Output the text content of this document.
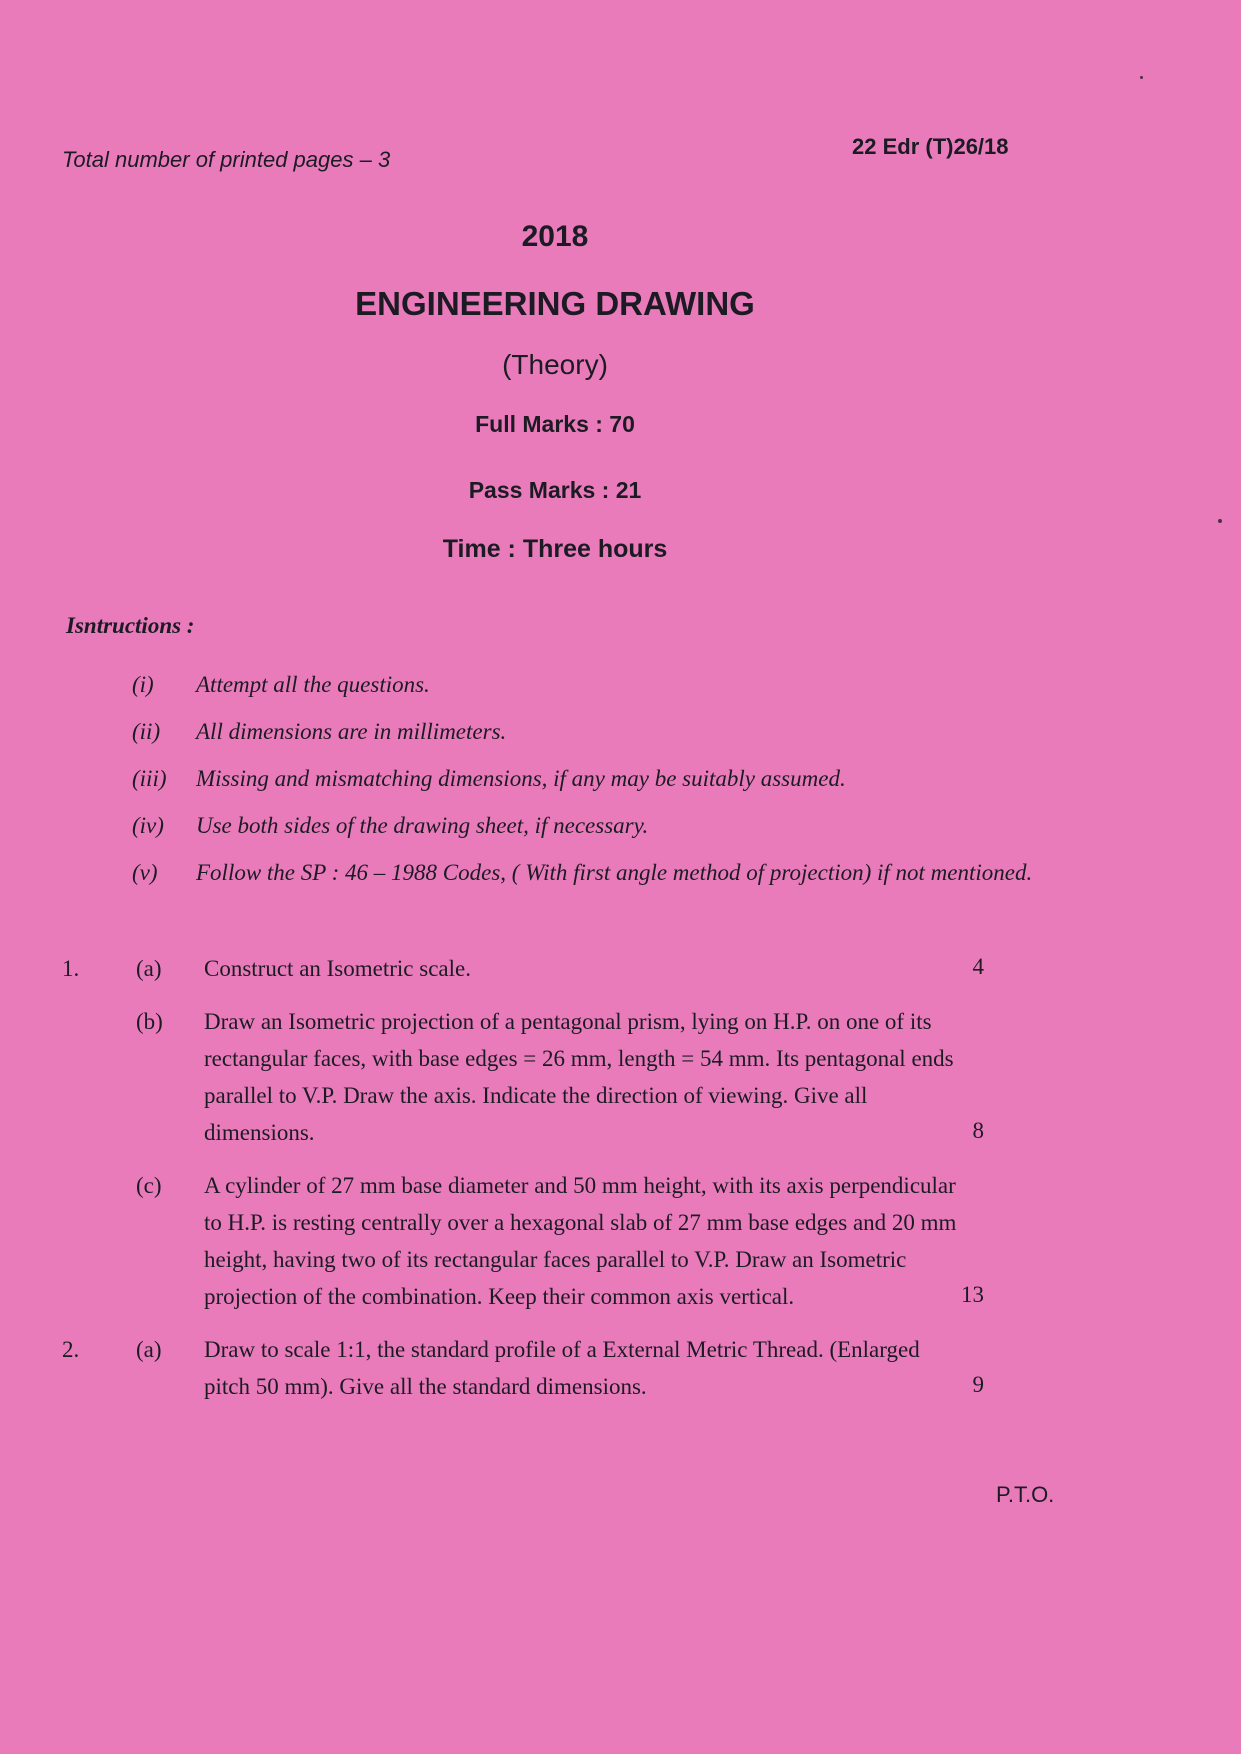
Total number of printed pages – 3
22 Edr (T)26/18
2018
ENGINEERING DRAWING
(Theory)
Full Marks : 70
Pass Marks : 21
Time : Three hours
Isntructions :
(i)	Attempt all the questions.
(ii)	All dimensions are in millimeters.
(iii)	Missing and mismatching dimensions, if any may be suitably assumed.
(iv)	Use both sides of the drawing sheet, if necessary.
(v)	Follow the SP : 46 – 1988 Codes, ( With first angle method of projection) if not mentioned.
1.	(a)	Construct an Isometric scale.	4
(b)	Draw an Isometric projection of a pentagonal prism, lying on H.P. on one of its rectangular faces, with base edges = 26 mm, length = 54 mm. Its pentagonal ends parallel to V.P. Draw the axis. Indicate the direction of viewing. Give all dimensions.	8
(c)	A cylinder of 27 mm base diameter and 50 mm height, with its axis perpendicular to H.P. is resting centrally over a hexagonal slab of 27 mm base edges and 20 mm height, having two of its rectangular faces parallel to V.P. Draw an Isometric projection of the combination. Keep their common axis vertical.	13
2.	(a)	Draw to scale 1:1, the standard profile of a External Metric Thread. (Enlarged pitch 50 mm). Give all the standard dimensions.	9
P.T.O.
